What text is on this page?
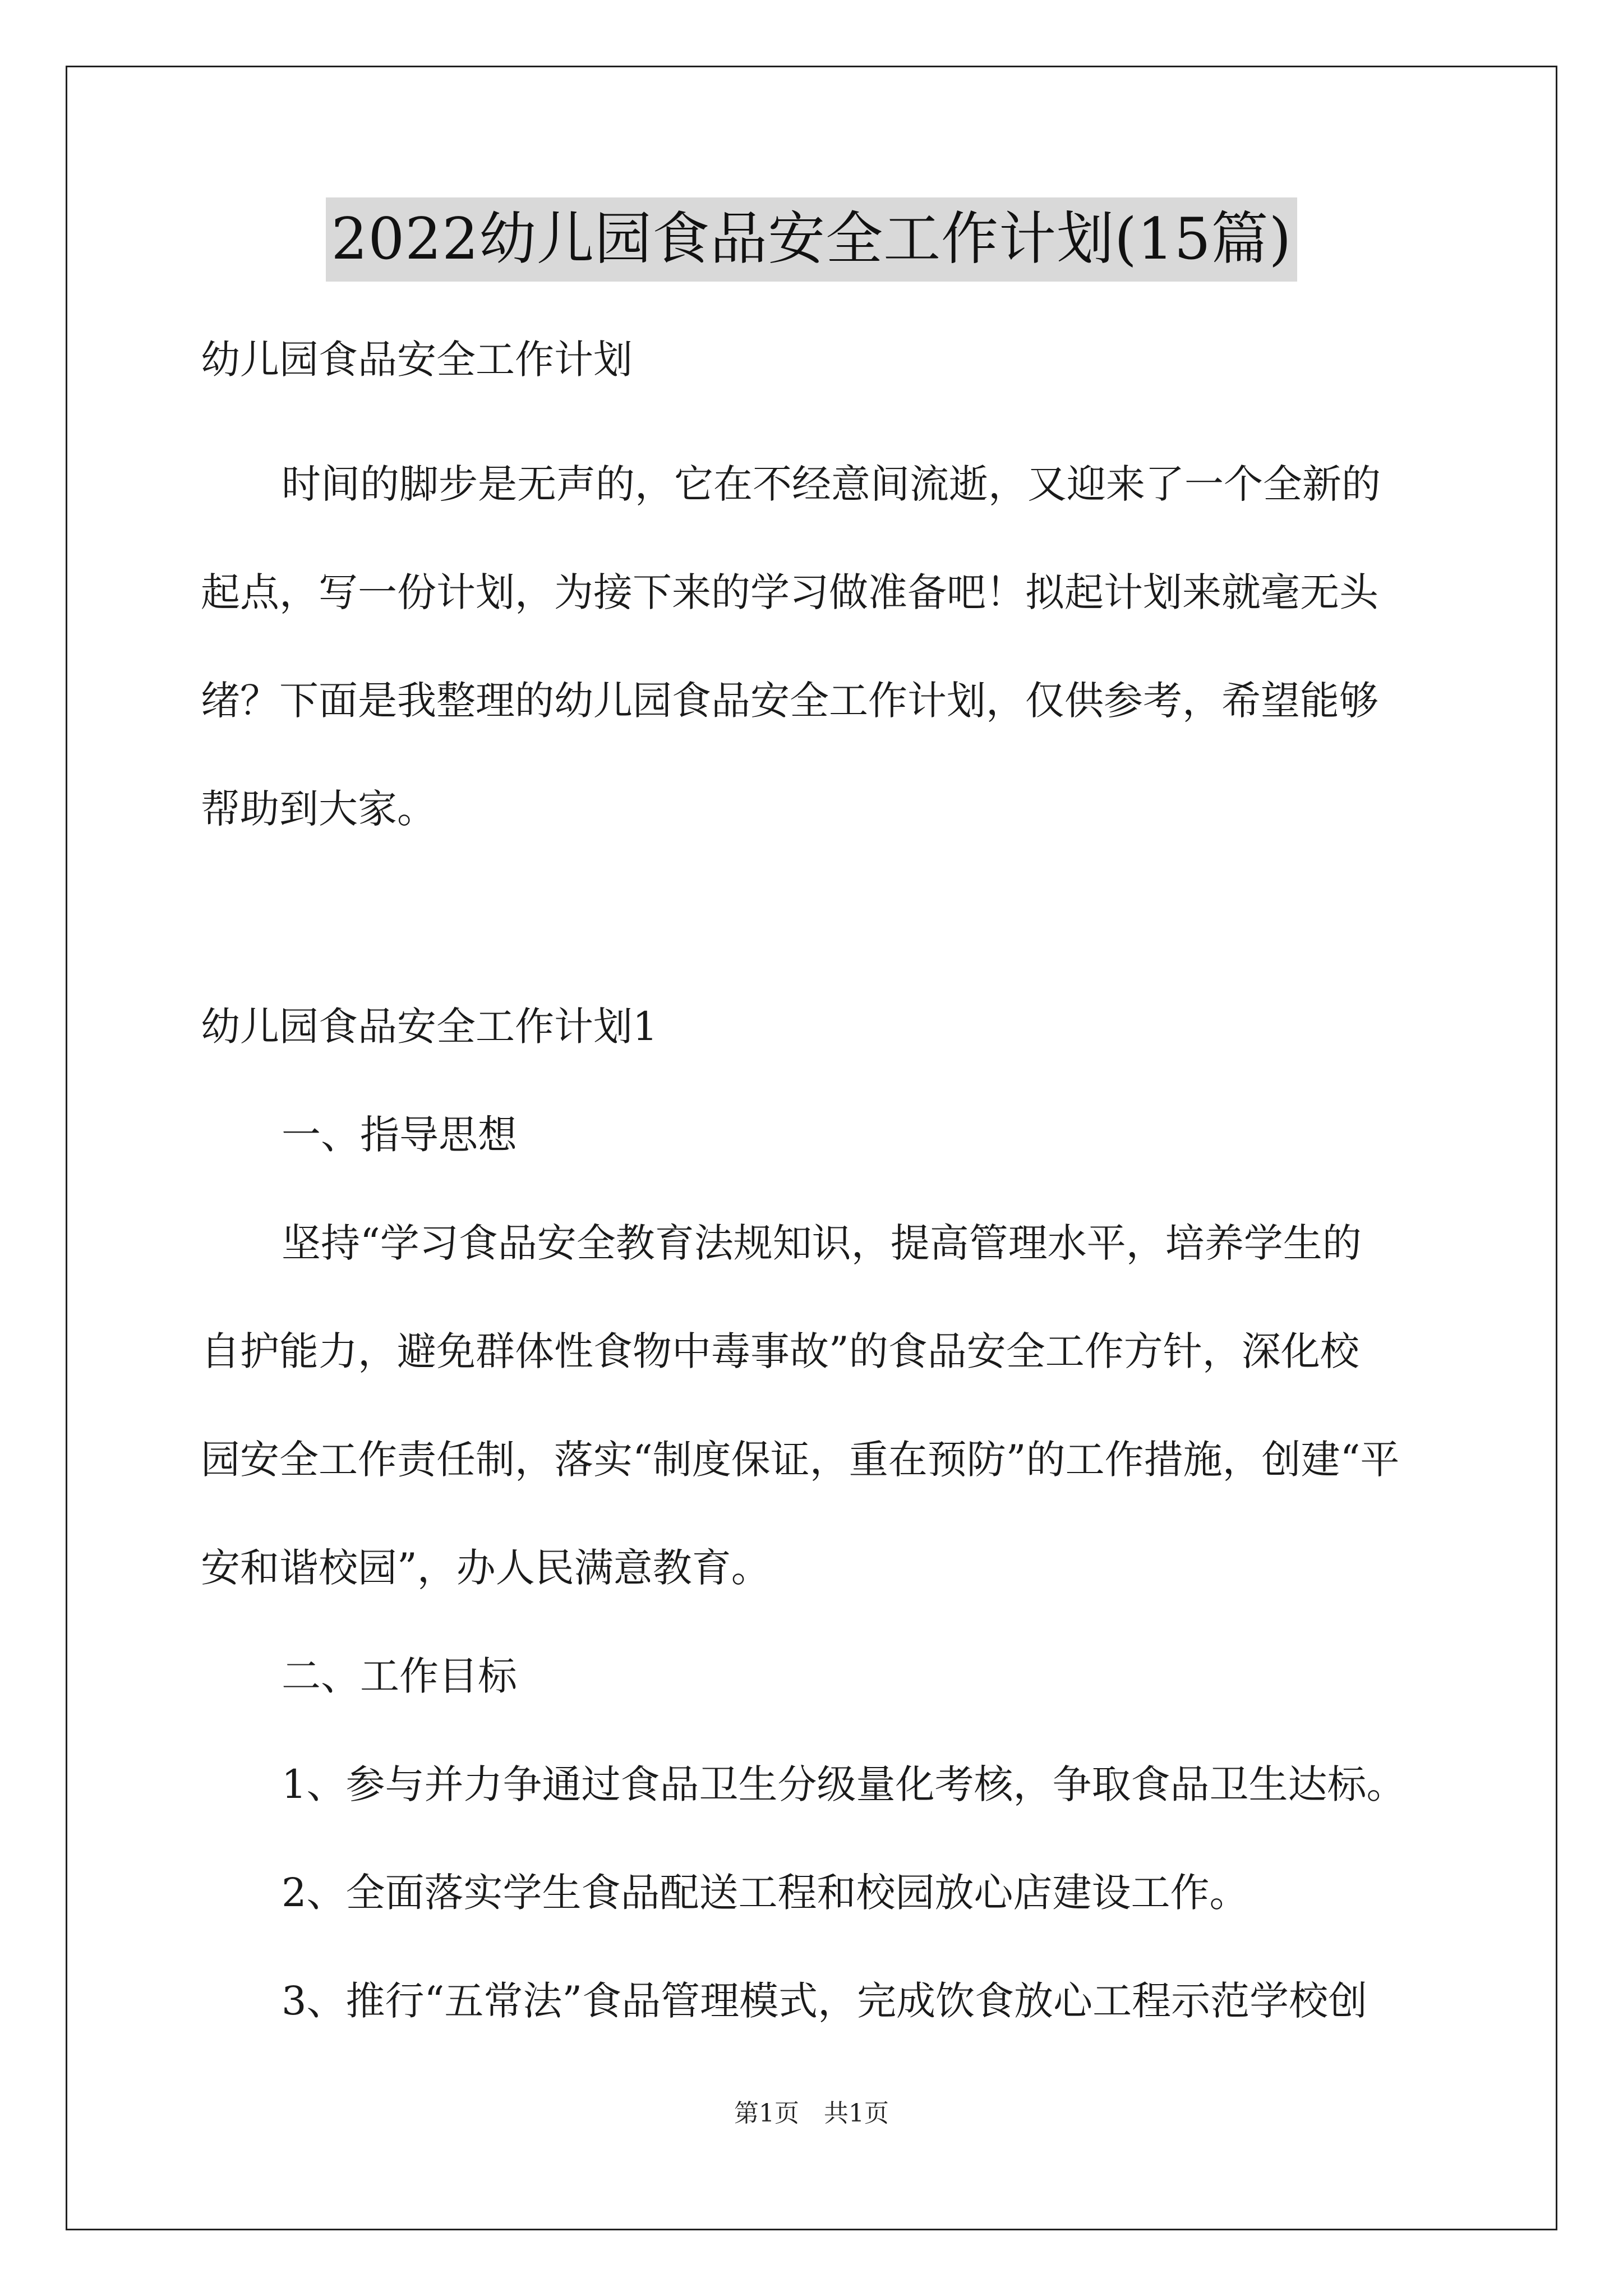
2022幼儿园食品安全工作计划(15篇)
幼儿园食品安全工作计划
时间的脚步是无声的，它在不经意间流逝，又迎来了一个全新的
起点，写一份计划，为接下来的学习做准备吧！拟起计划来就毫无头
绪？下面是我整理的幼儿园食品安全工作计划，仅供参考，希望能够
帮助到大家。
幼儿园食品安全工作计划1
一、指导思想
坚持“学习食品安全教育法规知识，提高管理水平，培养学生的
自护能力，避免群体性食物中毒事故”的食品安全工作方针，深化校
园安全工作责任制，落实“制度保证，重在预防”的工作措施，创建“平
安和谐校园”，办人民满意教育。
二、工作目标
1、参与并力争通过食品卫生分级量化考核，争取食品卫生达标。
2、全面落实学生食品配送工程和校园放心店建设工作。
3、推行“五常法”食品管理模式，完成饮食放心工程示范学校创
第1页　共1页
